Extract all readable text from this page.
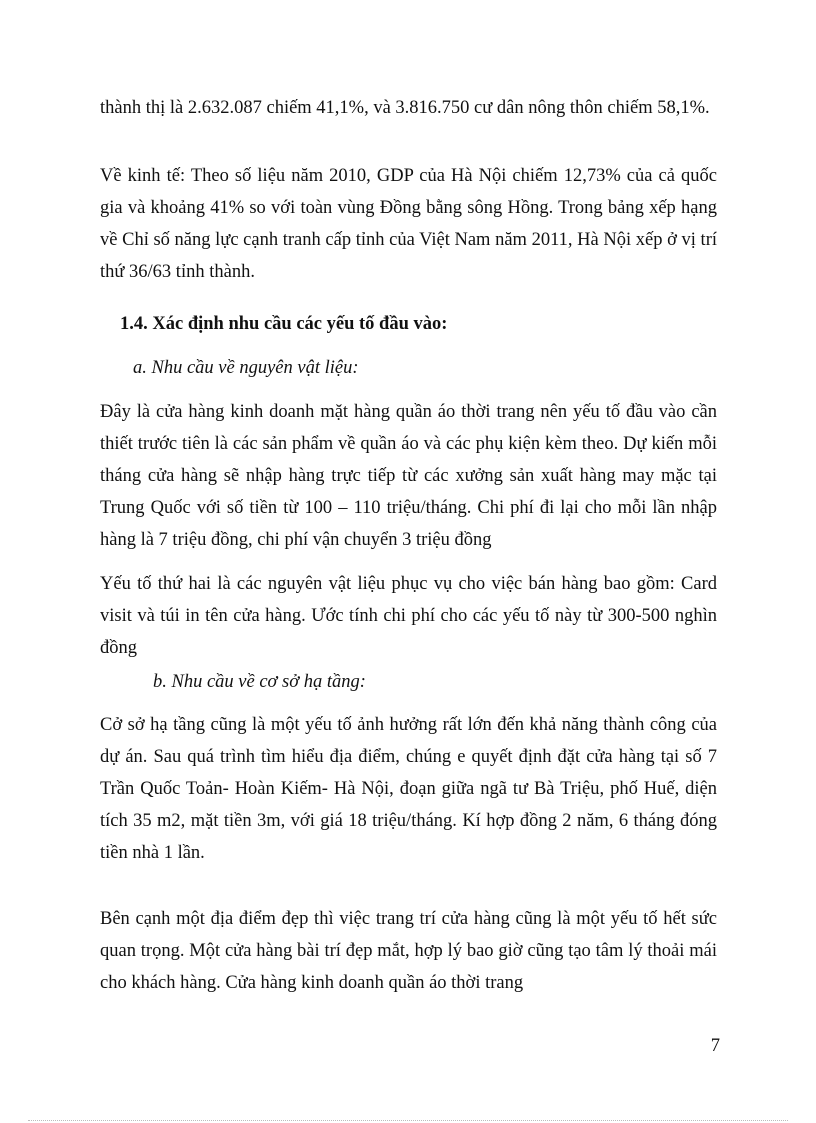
thành thị là 2.632.087 chiếm 41,1%, và 3.816.750 cư dân nông thôn chiếm 58,1%.

Về kinh tế: Theo số liệu năm 2010, GDP của Hà Nội chiếm 12,73% của cả quốc gia và khoảng 41% so với toàn vùng Đồng bằng sông Hồng. Trong bảng xếp hạng về Chỉ số năng lực cạnh tranh cấp tỉnh của Việt Nam năm 2011, Hà Nội xếp ở vị trí thứ 36/63 tỉnh thành.

1.4. Xác định nhu cầu các yếu tố đầu vào:

a. Nhu cầu về nguyên vật liệu:

Đây là cửa hàng kinh doanh mặt hàng quần áo thời trang nên yếu tố đầu vào cần thiết trước tiên là các sản phẩm về quần áo và các phụ kiện kèm theo. Dự kiến mỗi tháng cửa hàng sẽ nhập hàng trực tiếp từ các xưởng sản xuất hàng may mặc tại Trung Quốc với số tiền từ 100 – 110 triệu/tháng. Chi phí đi lại cho mỗi lần nhập hàng là 7 triệu đồng, chi phí vận chuyển 3 triệu đồng

Yếu tố thứ hai là các nguyên vật liệu phục vụ cho việc bán hàng bao gồm: Card visit và túi in tên cửa hàng. Ước tính chi phí cho các yếu tố này từ 300-500 nghìn đồng

b. Nhu cầu về cơ sở hạ tầng:

Cở sở hạ tầng cũng là một yếu tố ảnh hưởng rất lớn đến khả năng thành công của dự án. Sau quá trình tìm hiểu địa điểm, chúng e quyết định đặt cửa hàng tại số 7 Trần Quốc Toản- Hoàn Kiếm- Hà Nội, đoạn giữa ngã tư Bà Triệu, phố Huế, diện tích 35 m2, mặt tiền 3m, với giá 18 triệu/tháng. Kí hợp đồng 2 năm, 6 tháng đóng tiền nhà 1 lần.

Bên cạnh một địa điểm đẹp thì việc trang trí cửa hàng cũng là một yếu tố hết sức quan trọng. Một cửa hàng bài trí đẹp mắt, hợp lý bao giờ cũng tạo tâm lý thoải mái cho khách hàng. Cửa hàng kinh doanh quần áo thời trang

7
